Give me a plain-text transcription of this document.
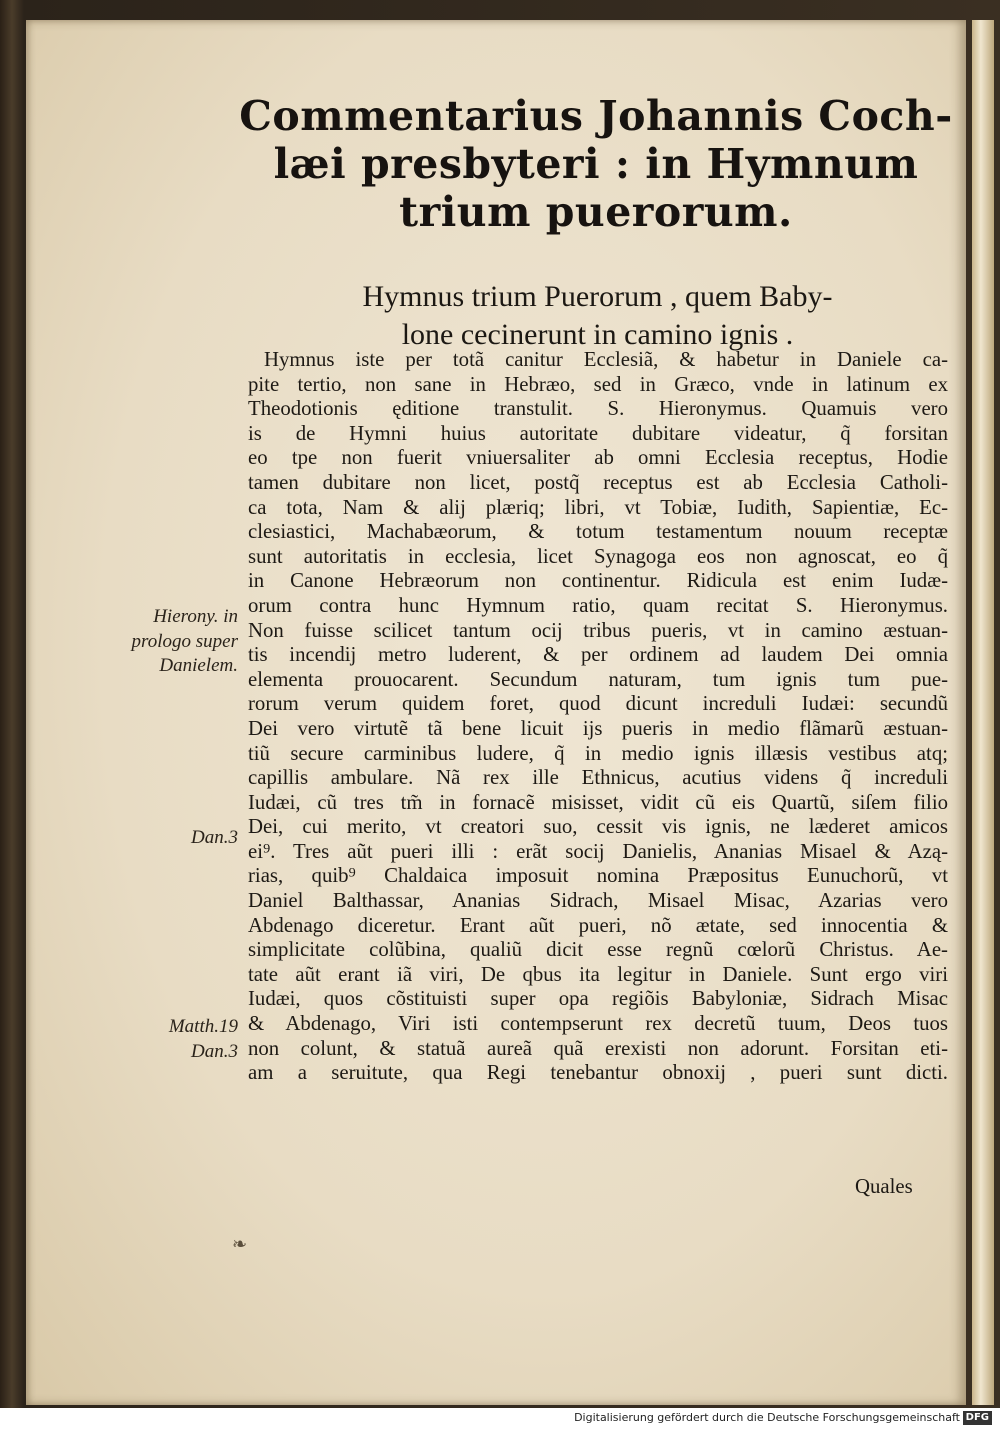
Commentarius Johannis Coch-
læi presbyteri : in Hymnum
trium puerorum.
Hymnus trium Puerorum , quem Baby-
lone cecinerunt in camino ignis .
Hymnus iste per totã canitur Ecclesiã, & habetur in Daniele ca-
pite tertio, non sane in Hebræo, sed in Græco, vnde in latinum ex
Theodotionis ęditione transtulit. S. Hieronymus. Quamuis vero
is de Hymni huius autoritate dubitare videatur, q̃ forsitan
eo tpe non fuerit vniuersaliter ab omni Ecclesia receptus, Hodie
tamen dubitare non licet, postq̃ receptus est ab Ecclesia Catholi-
ca tota, Nam & alij plæriq; libri, vt Tobiæ, Iudith, Sapientiæ, Ec-
clesiastici, Machabæorum, & totum testamentum nouum receptæ
sunt autoritatis in ecclesia, licet Synagoga eos non agnoscat, eo q̃
in Canone Hebræorum non continentur. Ridicula est enim Iudæ-
orum contra hunc Hymnum ratio, quam recitat S. Hieronymus.
Non fuisse scilicet tantum ocij tribus pueris, vt in camino æstuan-
tis incendij metro luderent, & per ordinem ad laudem Dei omnia
elementa prouocarent. Secundum naturam, tum ignis tum pue-
rorum verum quidem foret, quod dicunt increduli Iudæi: secundũ
Dei vero virtutẽ tã bene licuit ijs pueris in medio flãmarũ æstuan-
tiũ secure carminibus ludere, q̃ in medio ignis illæsis vestibus atq;
capillis ambulare. Nã rex ille Ethnicus, acutius videns q̃ increduli
Iudæi, cũ tres tm̃ in fornacẽ misisset, vidit cũ eis Quartũ, siſem filio
Dei, cui merito, vt creatori suo, cessit vis ignis, ne læderet amicos
ei⁹. Tres aũt pueri illi : erãt socij Danielis, Ananias Misael & Azą-
rias, quib⁹ Chaldaica imposuit nomina Præpositus Eunuchorũ, vt
Daniel Balthassar, Ananias Sidrach, Misael Misac, Azarias vero
Abdenago diceretur. Erant aũt pueri, nõ ætate, sed innocentia &
simplicitate colũbina, qualiũ dicit esse regnũ cœlorũ Christus. Ae-
tate aũt erant iã viri, De qbus ita legitur in Daniele. Sunt ergo viri
Iudæi, quos cõstituisti super opa regiõis Babyloniæ, Sidrach Misac
& Abdenago, Viri isti contempserunt rex decretũ tuum, Deos tuos
non colunt, & statuã aureã quã erexisti non adorunt. Forsitan eti-
am a seruitute, qua Regi tenebantur obnoxij , pueri sunt dicti.
Quales
Hierony. in
prologo super
Danielem.
Dan.3
Matth.19
Dan.3
❧
Digitalisierung gefördert durch die Deutsche Forschungsgemeinschaft DFG
